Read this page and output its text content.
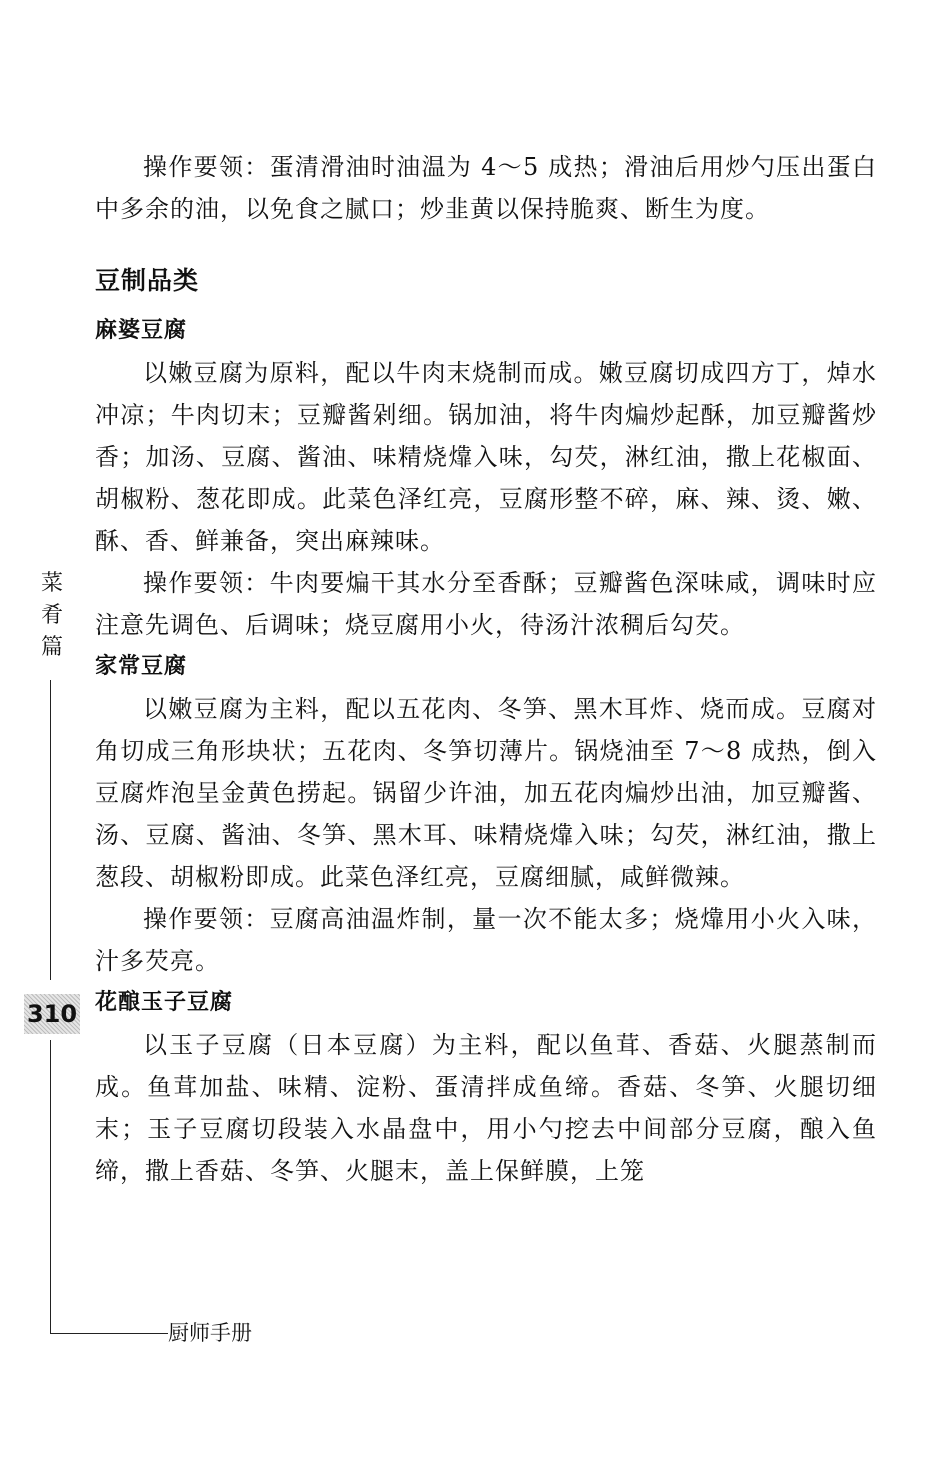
操作要领：蛋清滑油时油温为 4～5 成热；滑油后用炒勺压出蛋白中多余的油，以免食之腻口；炒韭黄以保持脆爽、断生为度。

豆制品类
麻婆豆腐

以嫩豆腐为原料，配以牛肉末烧制而成。嫩豆腐切成四方丁，焯水冲凉；牛肉切末；豆瓣酱剁细。锅加油，将牛肉煸炒起酥，加豆瓣酱炒香；加汤、豆腐、酱油、味精烧㸆入味，勾芡，淋红油，撒上花椒面、胡椒粉、葱花即成。此菜色泽红亮，豆腐形整不碎，麻、辣、烫、嫩、酥、香、鲜兼备，突出麻辣味。

操作要领：牛肉要煸干其水分至香酥；豆瓣酱色深味咸，调味时应注意先调色、后调味；烧豆腐用小火，待汤汁浓稠后勾芡。

家常豆腐

以嫩豆腐为主料，配以五花肉、冬笋、黑木耳炸、烧而成。豆腐对角切成三角形块状；五花肉、冬笋切薄片。锅烧油至 7～8 成热，倒入豆腐炸泡呈金黄色捞起。锅留少许油，加五花肉煸炒出油，加豆瓣酱、汤、豆腐、酱油、冬笋、黑木耳、味精烧㸆入味；勾芡，淋红油，撒上葱段、胡椒粉即成。此菜色泽红亮，豆腐细腻，咸鲜微辣。

操作要领：豆腐高油温炸制，量一次不能太多；烧㸆用小火入味，汁多芡亮。

花酿玉子豆腐

以玉子豆腐（日本豆腐）为主料，配以鱼茸、香菇、火腿蒸制而成。鱼茸加盐、味精、淀粉、蛋清拌成鱼缔。香菇、冬笋、火腿切细末；玉子豆腐切段装入水晶盘中，用小勺挖去中间部分豆腐，酿入鱼缔，撒上香菇、冬笋、火腿末，盖上保鲜膜，上笼

菜
肴
篇
310
厨师手册
